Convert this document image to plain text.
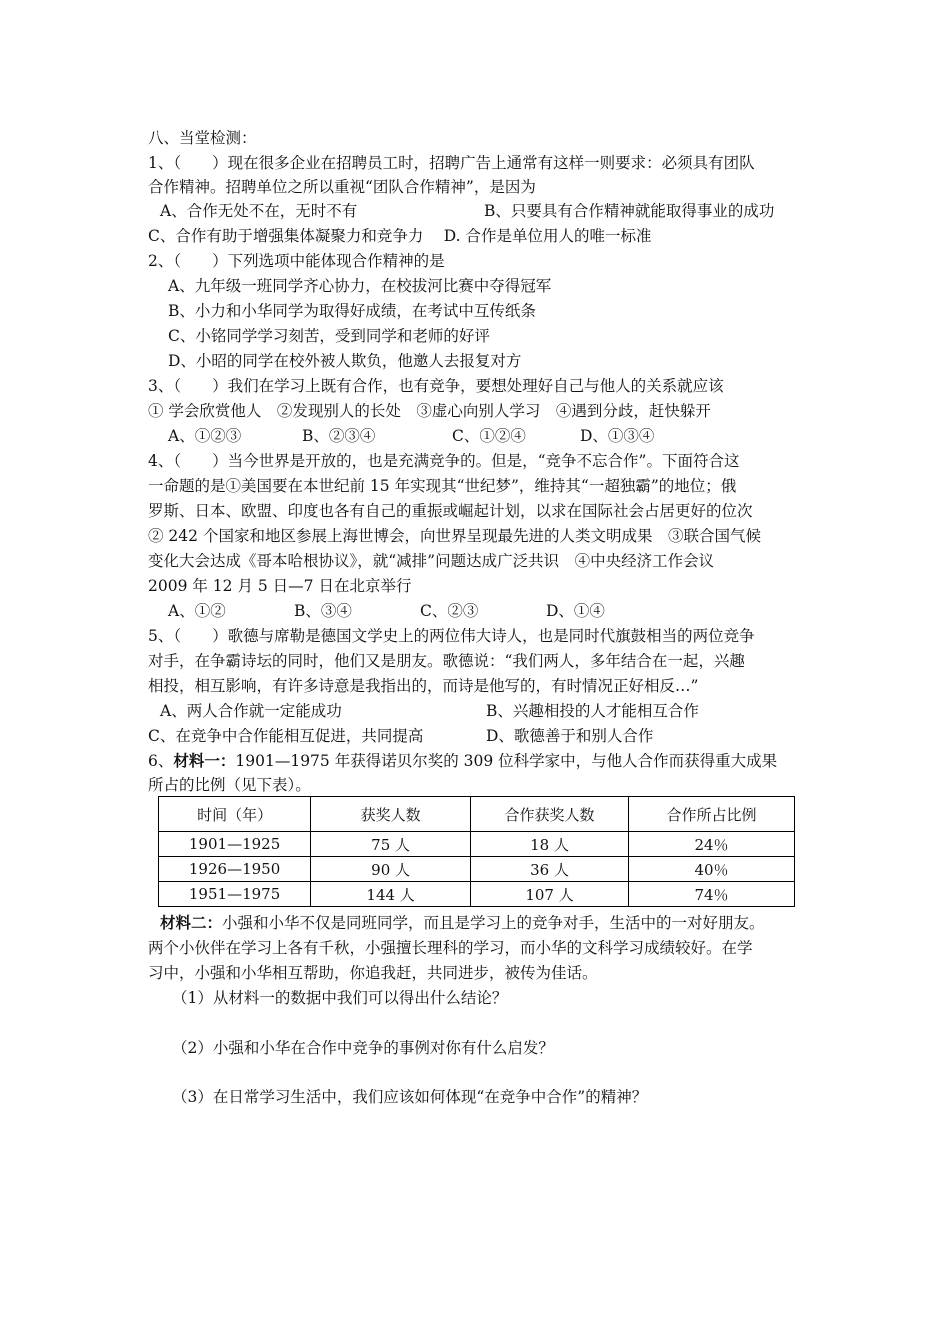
八、当堂检测：
1、（　　）现在很多企业在招聘员工时，招聘广告上通常有这样一则要求：必须具有团队
合作精神。招聘单位之所以重视“团队合作精神”，是因为
A、合作无处不在，无时不有	B、只要具有合作精神就能取得事业的成功
C、合作有助于增强集体凝聚力和竞争力　 D. 合作是单位用人的唯一标准
2、（　　）下列选项中能体现合作精神的是
A、九年级一班同学齐心协力，在校拔河比赛中夺得冠军
B、小力和小华同学为取得好成绩，在考试中互传纸条
C、小铭同学学习刻苦，受到同学和老师的好评
D、小昭的同学在校外被人欺负，他邀人去报复对方
3、（　　）我们在学习上既有合作，也有竞争，要想处理好自己与他人的关系就应该
① 学会欣赏他人　②发现别人的长处　③虚心向别人学习　④遇到分歧，赶快躲开
A、①②③	B、②③④	C、①②④	D、①③④
4、（　　）当今世界是开放的，也是充满竞争的。但是，“竞争不忘合作”。下面符合这
一命题的是①美国要在本世纪前 15 年实现其“世纪梦”，维持其“一超独霸”的地位；俄
罗斯、日本、欧盟、印度也各有自己的重振或崛起计划，以求在国际社会占居更好的位次
② 242 个国家和地区参展上海世博会，向世界呈现最先进的人类文明成果　③联合国气候
变化大会达成《哥本哈根协议》，就“减排”问题达成广泛共识　④中央经济工作会议
2009 年 12 月 5 日—7 日在北京举行
A、①②	B、③④	C、②③	D、①④
5、（　　）歌德与席勒是德国文学史上的两位伟大诗人，也是同时代旗鼓相当的两位竞争
对手，在争霸诗坛的同时，他们又是朋友。歌德说：“我们两人，多年结合在一起，兴趣
相投，相互影响，有许多诗意是我指出的，而诗是他写的，有时情况正好相反…”
A、两人合作就一定能成功	B、兴趣相投的人才能相互合作
C、在竞争中合作能相互促进，共同提高	D、歌德善于和别人合作
6、材料一：1901—1975 年获得诺贝尔奖的 309 位科学家中，与他人合作而获得重大成果
所占的比例（见下表）。
时间（年）	获奖人数	合作获奖人数	合作所占比例
1901—1925	75 人	18 人	24％
1926—1950	90 人	36 人	40％
1951—1975	144 人	107 人	74％
材料二：小强和小华不仅是同班同学，而且是学习上的竞争对手，生活中的一对好朋友。
两个小伙伴在学习上各有千秋，小强擅长理科的学习，而小华的文科学习成绩较好。在学
习中，小强和小华相互帮助，你追我赶，共同进步，被传为佳话。
（1）从材料一的数据中我们可以得出什么结论？
（2）小强和小华在合作中竞争的事例对你有什么启发？
（3）在日常学习生活中，我们应该如何体现“在竞争中合作”的精神？
